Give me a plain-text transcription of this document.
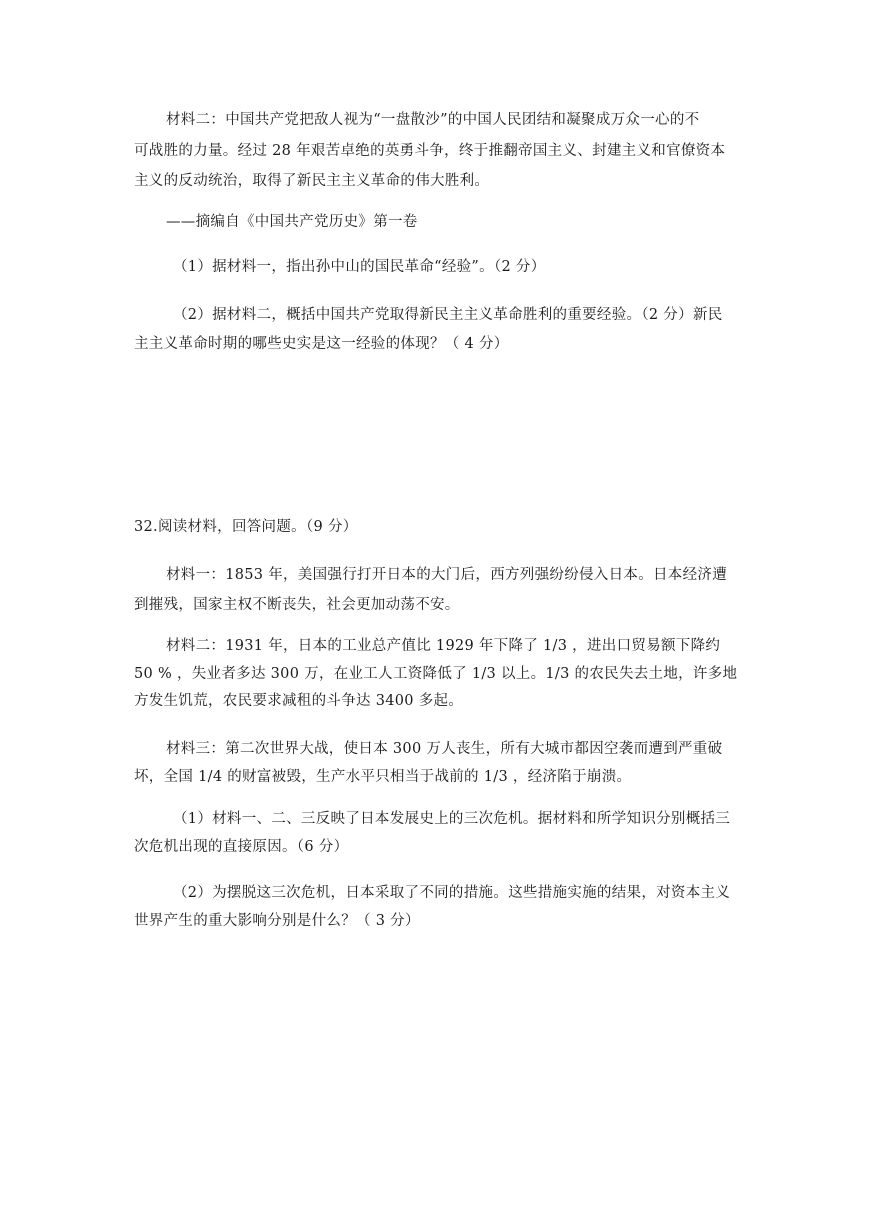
材料二：中国共产党把敌人视为“一盘散沙”的中国人民团结和凝聚成万众一心的不
可战胜的力量。经过 28 年艰苦卓绝的英勇斗争，终于推翻帝国主义、封建主义和官僚资本
主义的反动统治，取得了新民主主义革命的伟大胜利。
——摘编自《中国共产党历史》第一卷
（1）据材料一，指出孙中山的国民革命“经验”。（2 分）
（2）据材料二，概括中国共产党取得新民主主义革命胜利的重要经验。（2 分）新民
主主义革命时期的哪些史实是这一经验的体现？（ 4 分）
32.阅读材料，回答问题。（9 分）
材料一：1853 年，美国强行打开日本的大门后，西方列强纷纷侵入日本。日本经济遭
到摧残，国家主权不断丧失，社会更加动荡不安。
材料二：1931 年，日本的工业总产值比 1929 年下降了 1/3 ，进出口贸易额下降约
50 % ，失业者多达 300 万，在业工人工资降低了 1/3 以上。1/3 的农民失去土地，许多地
方发生饥荒，农民要求减租的斗争达 3400 多起。
材料三：第二次世界大战，使日本 300 万人丧生，所有大城市都因空袭而遭到严重破
坏，全国 1/4 的财富被毁，生产水平只相当于战前的 1/3 ，经济陷于崩溃。
（1）材料一、二、三反映了日本发展史上的三次危机。据材料和所学知识分别概括三
次危机出现的直接原因。（6 分）
（2）为摆脱这三次危机，日本采取了不同的措施。这些措施实施的结果，对资本主义
世界产生的重大影响分别是什么？（ 3 分）
